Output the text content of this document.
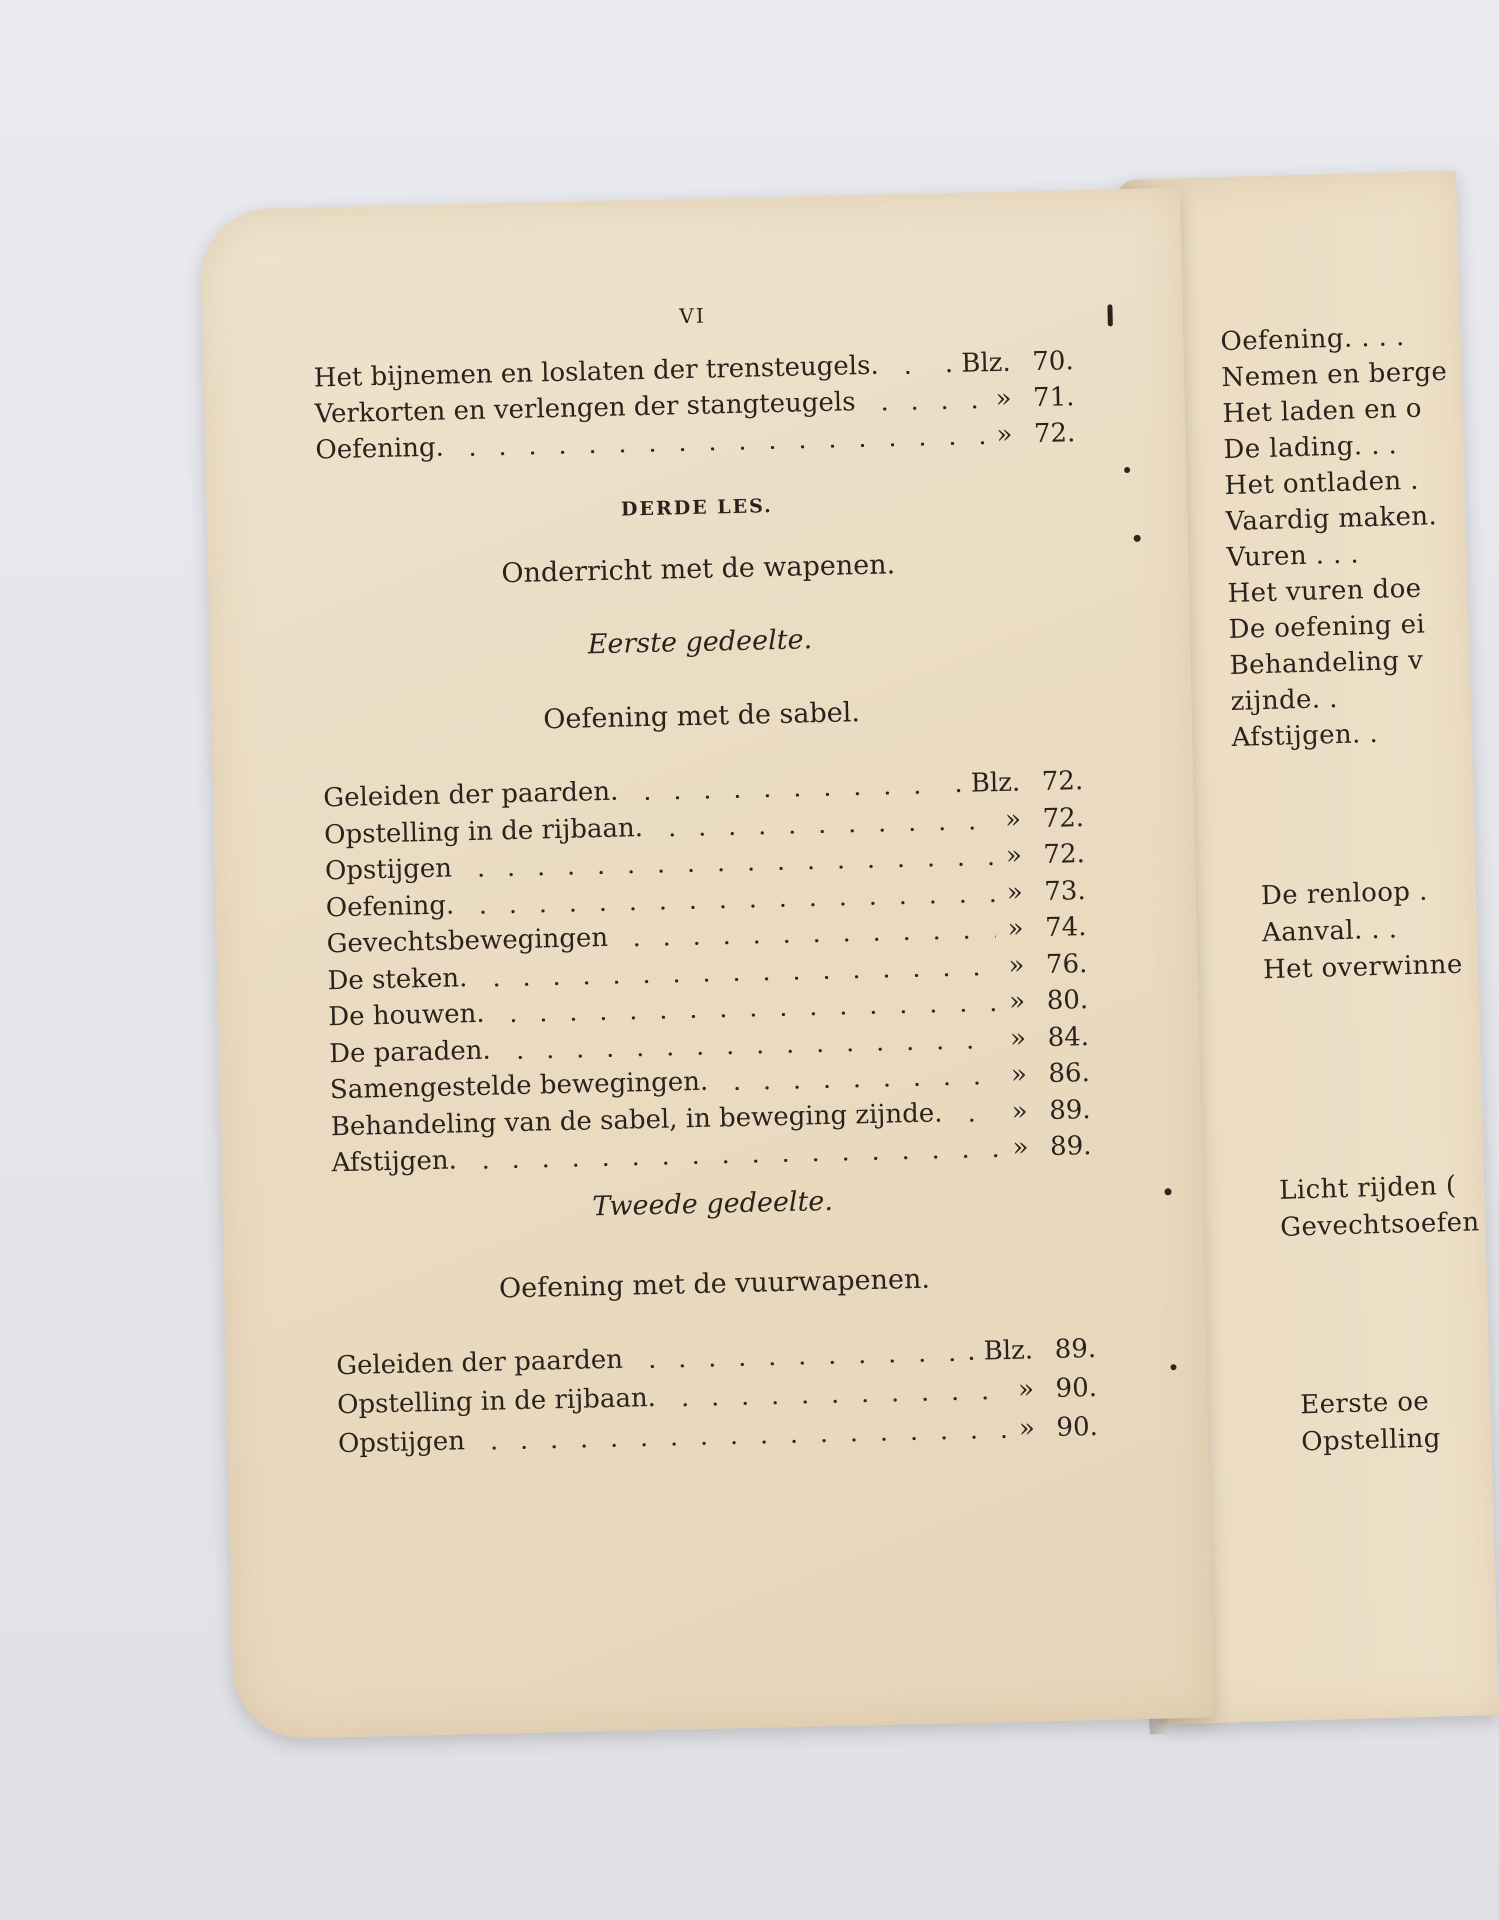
Oefening. . . .
Nemen en berge
Het laden en o
De lading. . .
Het ontladen .
Vaardig maken.
Vuren . . .
Het vuren doe
De oefening ei
Behandeling v
zijnde. .
Afstijgen. .
De renloop .
Aanval. . .
Het overwinne
Licht rijden (
Gevechtsoefen
Eerste oe
Opstelling
VI
Het bijnemen en loslaten der trensteugels.	. Blz. 70.
Verkorten en verlengen der stangteugels	» 71.
Oefening.	» 72.
DERDE LES.
Onderricht met de wapenen.
Eerste gedeelte.
Oefening met de sabel.
Geleiden der paarden.	. Blz. 72.
Opstelling in de rijbaan.	» 72.
Opstijgen	» 72.
Oefening.	» 73.
Gevechtsbewegingen	» 74.
De steken.	» 76.
De houwen.	» 80.
De paraden.	» 84.
Samengestelde bewegingen.	» 86.
Behandeling van de sabel, in beweging zijnde.	» 89.
Afstijgen.	» 89.
Tweede gedeelte.
Oefening met de vuurwapenen.
Geleiden der paarden	. Blz. 89.
Opstelling in de rijbaan.	» 90.
Opstijgen	» 90.
